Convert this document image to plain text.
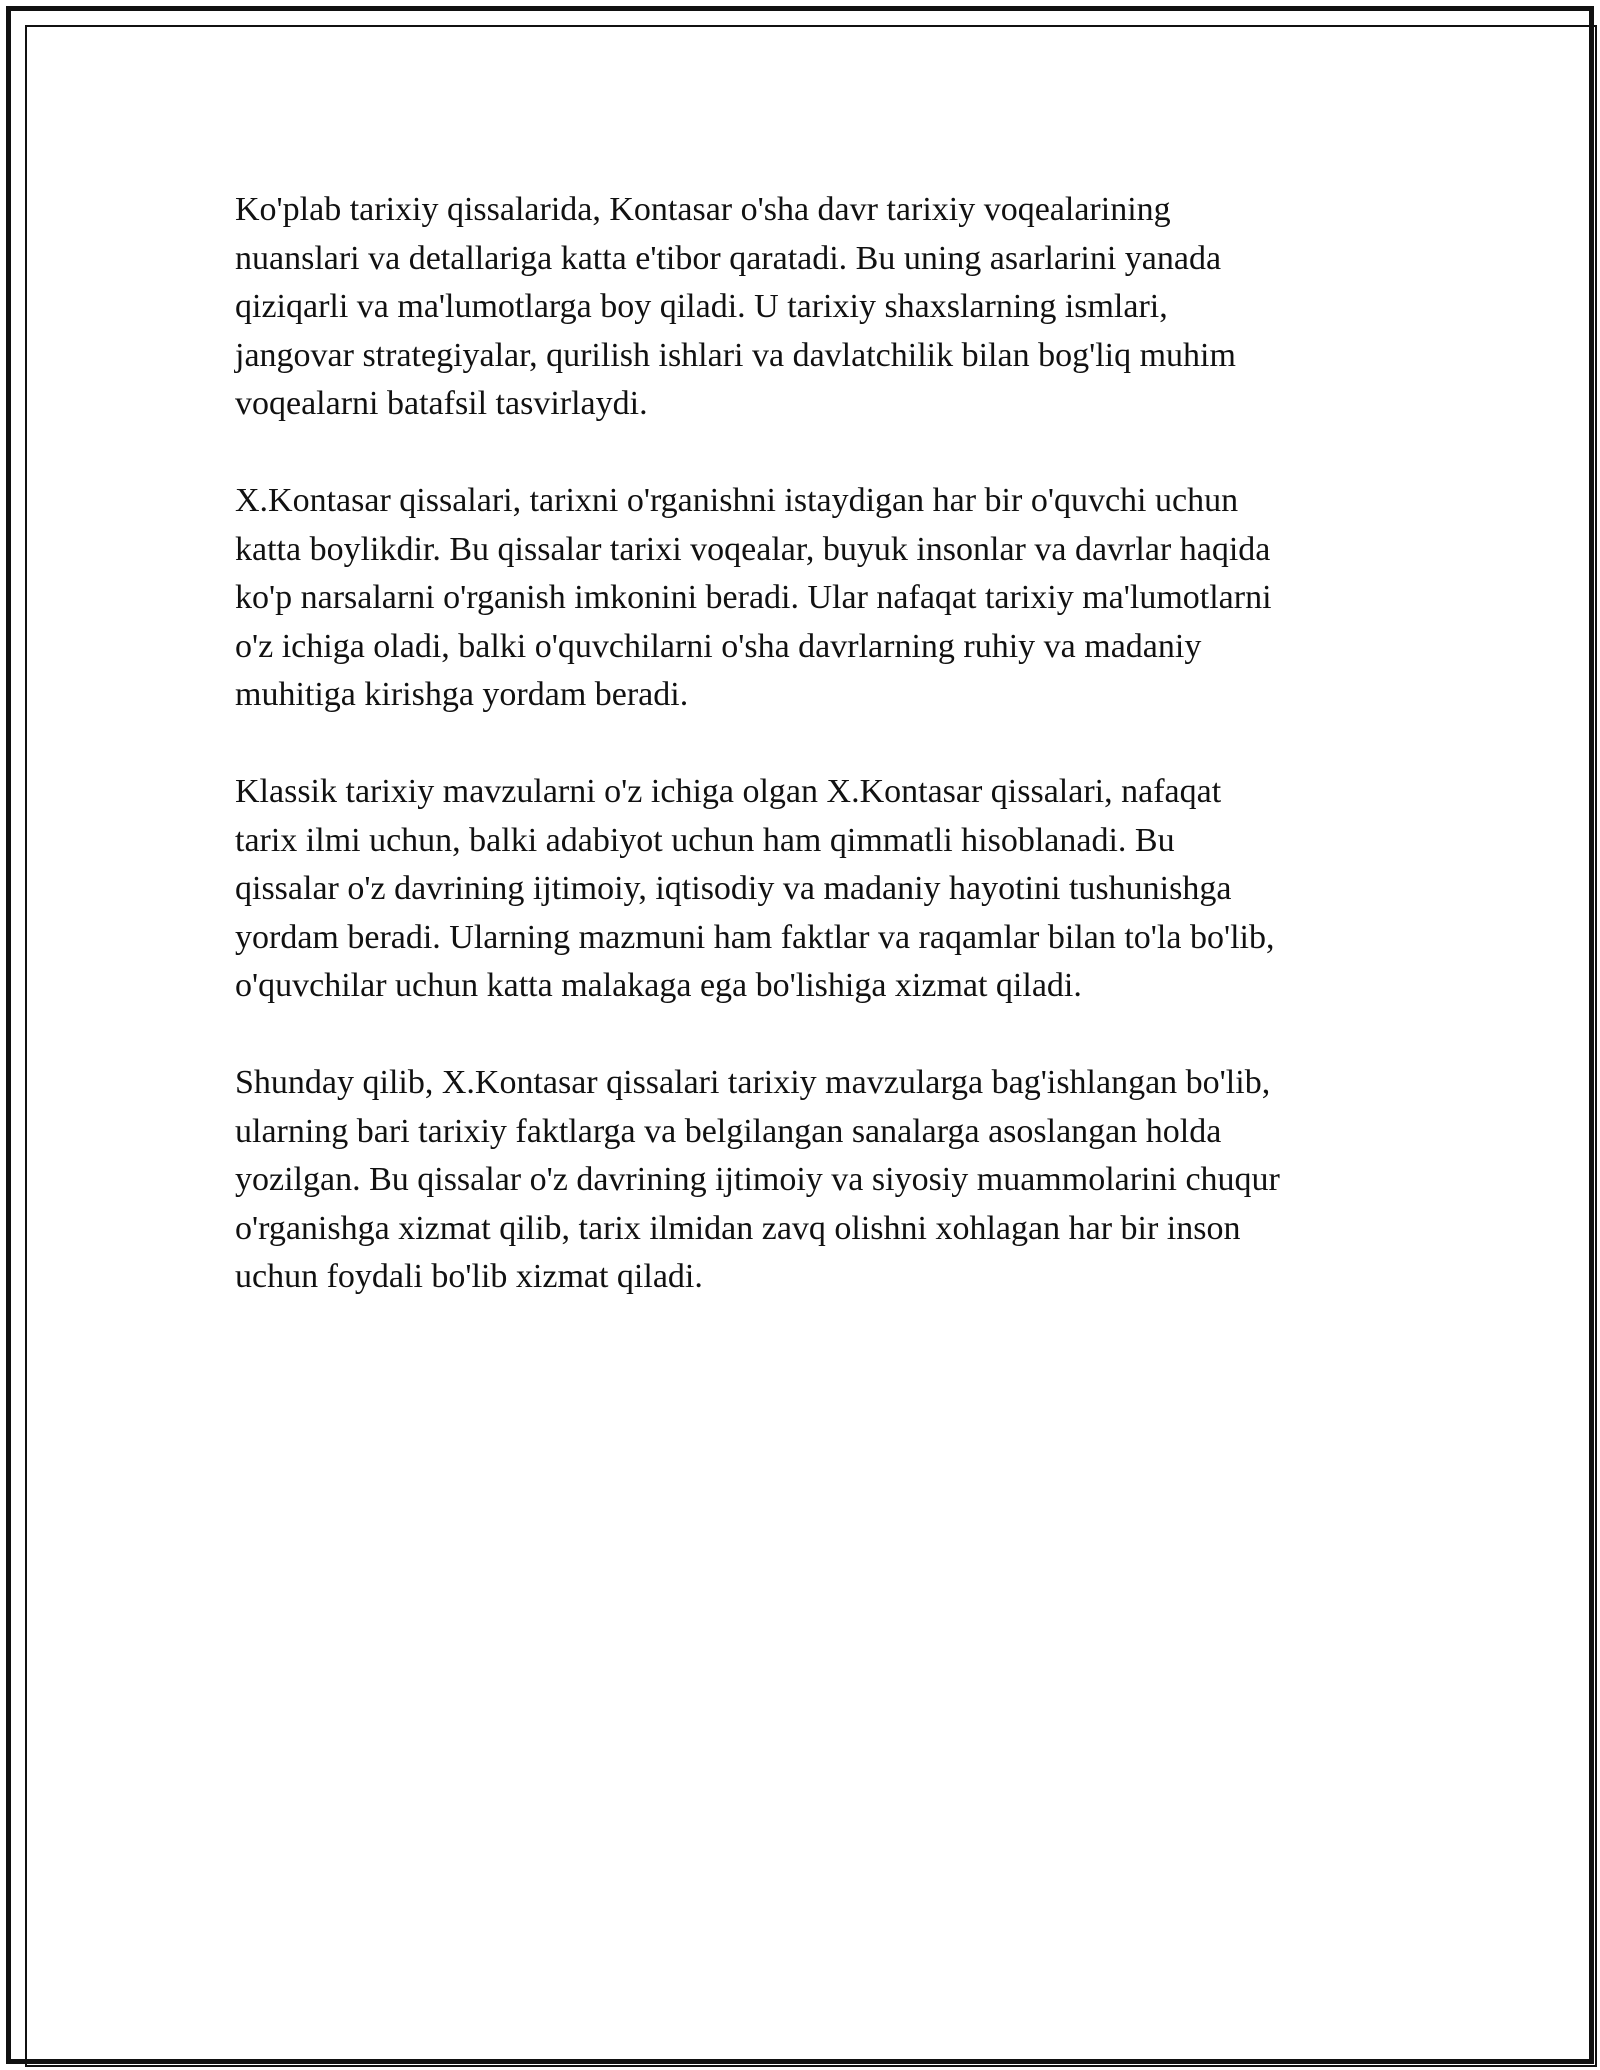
Ko'plab tarixiy qissalarida, Kontasar o'sha davr tarixiy voqealarining
nuanslari va detallariga katta e'tibor qaratadi. Bu uning asarlarini yanada
qiziqarli va ma'lumotlarga boy qiladi. U tarixiy shaxslarning ismlari,
jangovar strategiyalar, qurilish ishlari va davlatchilik bilan bog'liq muhim
voqealarni batafsil tasvirlaydi.

X.Kontasar qissalari, tarixni o'rganishni istaydigan har bir o'quvchi uchun
katta boylikdir. Bu qissalar tarixi voqealar, buyuk insonlar va davrlar haqida
ko'p narsalarni o'rganish imkonini beradi. Ular nafaqat tarixiy ma'lumotlarni
o'z ichiga oladi, balki o'quvchilarni o'sha davrlarning ruhiy va madaniy
muhitiga kirishga yordam beradi.

Klassik tarixiy mavzularni o'z ichiga olgan X.Kontasar qissalari, nafaqat
tarix ilmi uchun, balki adabiyot uchun ham qimmatli hisoblanadi. Bu
qissalar o'z davrining ijtimoiy, iqtisodiy va madaniy hayotini tushunishga
yordam beradi. Ularning mazmuni ham faktlar va raqamlar bilan to'la bo'lib,
o'quvchilar uchun katta malakaga ega bo'lishiga xizmat qiladi.

Shunday qilib, X.Kontasar qissalari tarixiy mavzularga bag'ishlangan bo'lib,
ularning bari tarixiy faktlarga va belgilangan sanalarga asoslangan holda
yozilgan. Bu qissalar o'z davrining ijtimoiy va siyosiy muammolarini chuqur
o'rganishga xizmat qilib, tarix ilmidan zavq olishni xohlagan har bir inson
uchun foydali bo'lib xizmat qiladi.
